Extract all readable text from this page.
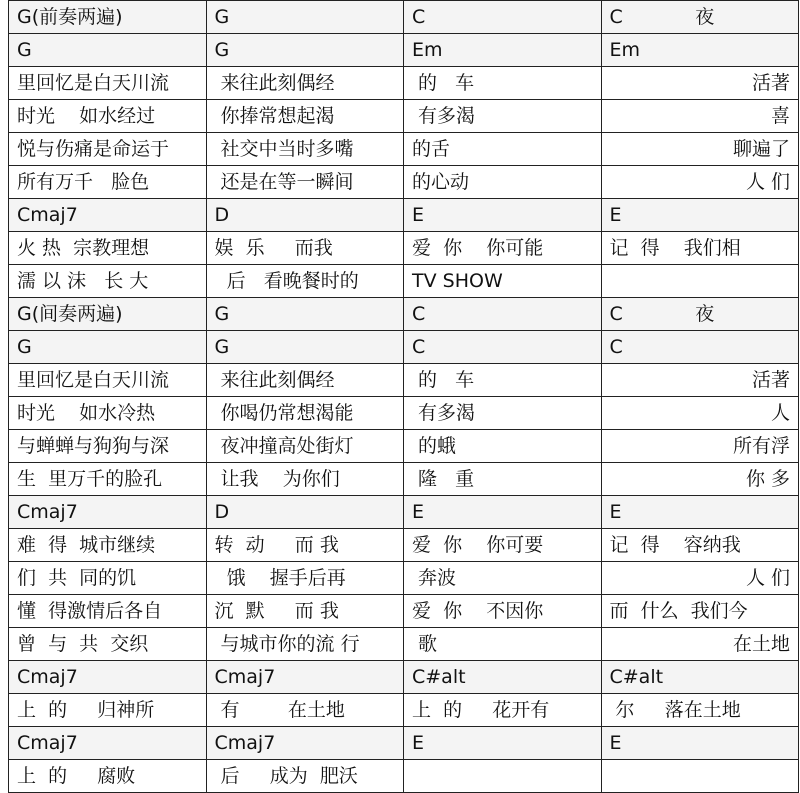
G(前奏两遍)	G	C	C            夜
G	G	Em	Em
里回忆是白天川流	来往此刻偶经	的   车	活著
时光    如水经过	你捧常想起渴	有多渴	喜
悦与伤痛是命运于	社交中当时多嘴	的舌	聊遍了
所有万千   脸色	还是在等一瞬间	的心动	人 们
Cmaj7	D	E	E
火 热  宗教理想	娱  乐     而我	爱  你    你可能	记  得    我们相
濡 以 沫   长 大	后   看晚餐时的	TV SHOW	
G(间奏两遍)	G	C	C            夜
G	G	C	C
里回忆是白天川流	来往此刻偶经	的   车	活著
时光    如水冷热	你喝仍常想渴能	有多渴	人
与蝉蝉与狗狗与深	夜冲撞高处街灯	的蛾	所有浮
生  里万千的脸孔	让我    为你们	隆   重	你 多
Cmaj7	D	E	E
难  得  城市继续	转  动     而 我	爱  你    你可要	记  得    容纳我
们  共  同的饥	饿    握手后再	奔波	人 们
懂  得激情后各自	沉  默     而 我	爱  你    不因你	而  什么  我们今
曾  与  共  交织	与城市你的流 行	歌	在土地
Cmaj7	Cmaj7	C#alt	C#alt
上  的     归神所	有        在土地	上  的     花开有	尔     落在土地
Cmaj7	Cmaj7	E	E
上  的     腐败	后     成为  肥沃		
